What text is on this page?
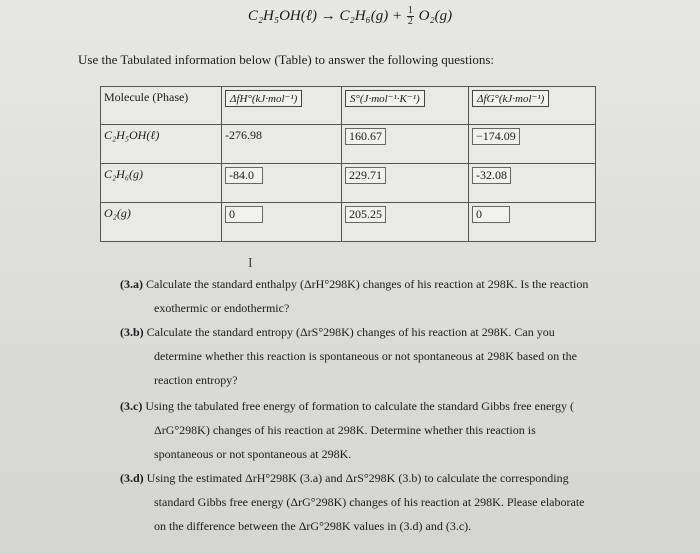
C₂H₅OH(ℓ) → $C_2H_6(g) + \frac{1}{2} O_2(g)$
Use the Tabulated information below (Table) to answer the following questions:
Molecule (Phase)	ΔfH°(kJ·mol⁻¹)	S°(J·mol⁻¹·K⁻¹)	ΔfG°(kJ·mol⁻¹)
C₂H₅OH(ℓ)	-276.98	160.67	−174.09
C₂H₆(g)	-84.0	229.71	-32.08
O₂(g)	0	205.25	0
I
(3.a) Calculate the standard enthalpy (ΔrH°298K) changes of his reaction at 298K. Is the reaction
exothermic or endothermic?
(3.b) Calculate the standard entropy (ΔrS°298K) changes of his reaction at 298K. Can you
determine whether this reaction is spontaneous or not spontaneous at 298K based on the
reaction entropy?
(3.c) Using the tabulated free energy of formation to calculate the standard Gibbs free energy (
ΔrG°298K) changes of his reaction at 298K. Determine whether this reaction is
spontaneous or not spontaneous at 298K.
(3.d) Using the estimated ΔrH°298K (3.a) and ΔrS°298K (3.b) to calculate the corresponding
standard Gibbs free energy (ΔrG°298K) changes of his reaction at 298K. Please elaborate
on the difference between the ΔrG°298K values in (3.d) and (3.c).
